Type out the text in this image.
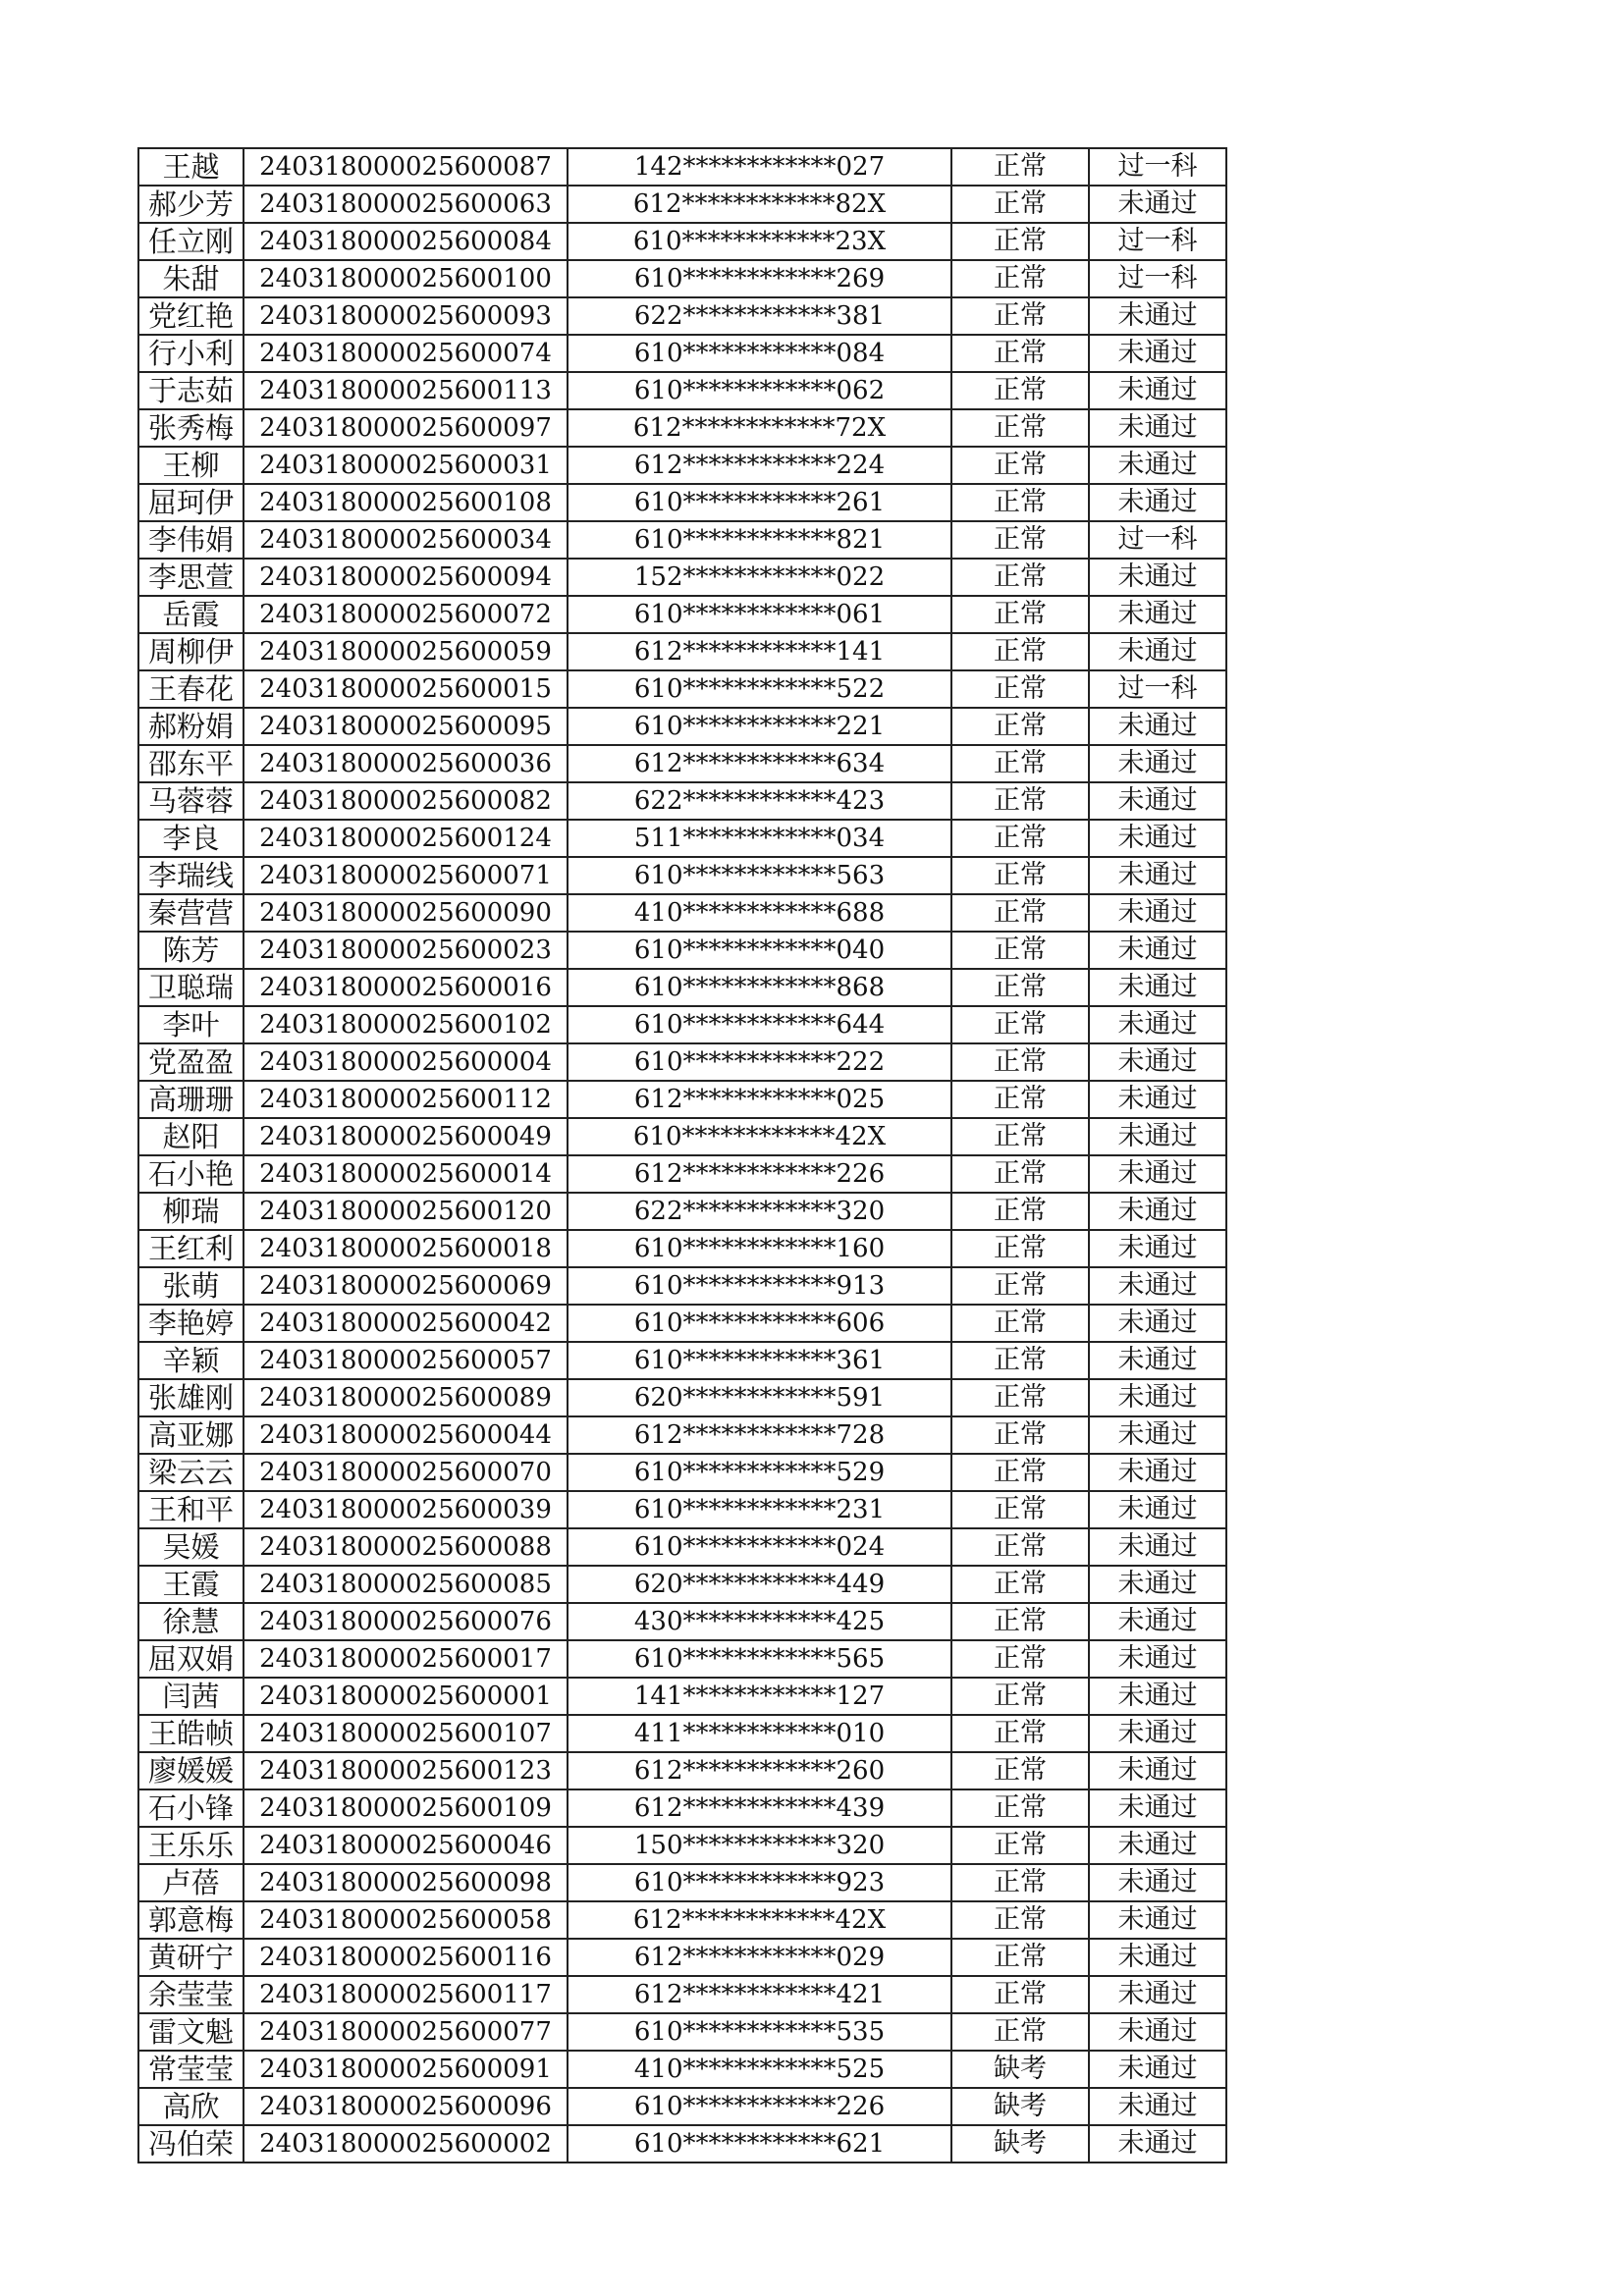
王越	240318000025600087	142************027	正常	过一科
郝少芳	240318000025600063	612************82X	正常	未通过
任立刚	240318000025600084	610************23X	正常	过一科
朱甜	240318000025600100	610************269	正常	过一科
党红艳	240318000025600093	622************381	正常	未通过
行小利	240318000025600074	610************084	正常	未通过
于志茹	240318000025600113	610************062	正常	未通过
张秀梅	240318000025600097	612************72X	正常	未通过
王柳	240318000025600031	612************224	正常	未通过
屈珂伊	240318000025600108	610************261	正常	未通过
李伟娟	240318000025600034	610************821	正常	过一科
李思萱	240318000025600094	152************022	正常	未通过
岳霞	240318000025600072	610************061	正常	未通过
周柳伊	240318000025600059	612************141	正常	未通过
王春花	240318000025600015	610************522	正常	过一科
郝粉娟	240318000025600095	610************221	正常	未通过
邵东平	240318000025600036	612************634	正常	未通过
马蓉蓉	240318000025600082	622************423	正常	未通过
李良	240318000025600124	511************034	正常	未通过
李瑞线	240318000025600071	610************563	正常	未通过
秦营营	240318000025600090	410************688	正常	未通过
陈芳	240318000025600023	610************040	正常	未通过
卫聪瑞	240318000025600016	610************868	正常	未通过
李叶	240318000025600102	610************644	正常	未通过
党盈盈	240318000025600004	610************222	正常	未通过
高珊珊	240318000025600112	612************025	正常	未通过
赵阳	240318000025600049	610************42X	正常	未通过
石小艳	240318000025600014	612************226	正常	未通过
柳瑞	240318000025600120	622************320	正常	未通过
王红利	240318000025600018	610************160	正常	未通过
张萌	240318000025600069	610************913	正常	未通过
李艳婷	240318000025600042	610************606	正常	未通过
辛颖	240318000025600057	610************361	正常	未通过
张雄刚	240318000025600089	620************591	正常	未通过
高亚娜	240318000025600044	612************728	正常	未通过
梁云云	240318000025600070	610************529	正常	未通过
王和平	240318000025600039	610************231	正常	未通过
吴媛	240318000025600088	610************024	正常	未通过
王霞	240318000025600085	620************449	正常	未通过
徐慧	240318000025600076	430************425	正常	未通过
屈双娟	240318000025600017	610************565	正常	未通过
闫茜	240318000025600001	141************127	正常	未通过
王皓帧	240318000025600107	411************010	正常	未通过
廖媛媛	240318000025600123	612************260	正常	未通过
石小锋	240318000025600109	612************439	正常	未通过
王乐乐	240318000025600046	150************320	正常	未通过
卢蓓	240318000025600098	610************923	正常	未通过
郭意梅	240318000025600058	612************42X	正常	未通过
黄研宁	240318000025600116	612************029	正常	未通过
余莹莹	240318000025600117	612************421	正常	未通过
雷文魁	240318000025600077	610************535	正常	未通过
常莹莹	240318000025600091	410************525	缺考	未通过
高欣	240318000025600096	610************226	缺考	未通过
冯伯荣	240318000025600002	610************621	缺考	未通过
